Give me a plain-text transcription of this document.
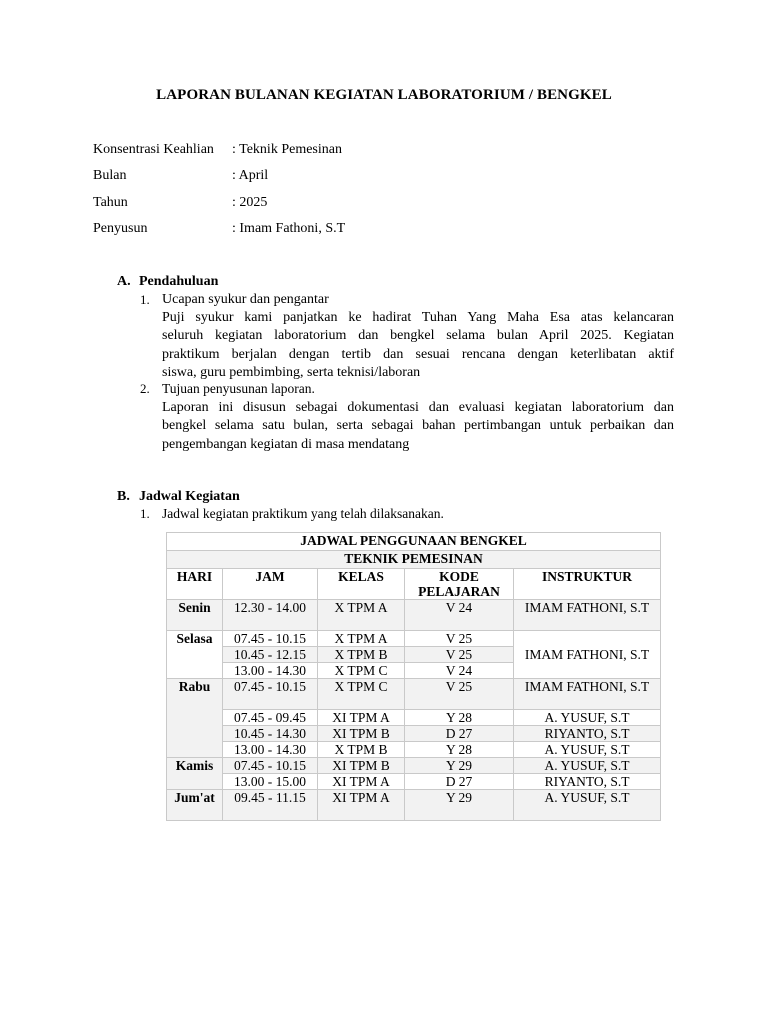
LAPORAN BULANAN KEGIATAN LABORATORIUM / BENGKEL
Konsentrasi Keahlian	: Teknik Pemesinan
Bulan	: April
Tahun	: 2025
Penyusun	: Imam Fathoni, S.T
A. Pendahuluan
1. Ucapan syukur dan pengantar
Puji syukur kami panjatkan ke hadirat Tuhan Yang Maha Esa atas kelancaran
seluruh kegiatan laboratorium dan bengkel selama bulan April 2025. Kegiatan
praktikum berjalan dengan tertib dan sesuai rencana dengan keterlibatan aktif
siswa, guru pembimbing, serta teknisi/laboran
2. Tujuan penyusunan laporan.
Laporan ini disusun sebagai dokumentasi dan evaluasi kegiatan laboratorium dan
bengkel selama satu bulan, serta sebagai bahan pertimbangan untuk perbaikan dan
pengembangan kegiatan di masa mendatang
B. Jadwal Kegiatan
1. Jadwal kegiatan praktikum yang telah dilaksanakan.
JADWAL PENGGUNAAN BENGKEL				
TEKNIK PEMESINAN				
HARI	JAM	KELAS	KODE PELAJARAN	INSTRUKTUR
Senin	12.30 - 14.00	X TPM A	V 24	IMAM FATHONI, S.T
Selasa	07.45 - 10.15	X TPM A	V 25	IMAM FATHONI, S.T
	10.45 - 12.15	X TPM B	V 25	
	13.00 - 14.30	X TPM C	V 24	
Rabu	07.45 - 10.15	X TPM C	V 25	IMAM FATHONI, S.T
	07.45 - 09.45	XI TPM A	Y 28	A. YUSUF, S.T
	10.45 - 14.30	XI TPM B	D 27	RIYANTO, S.T
	13.00 - 14.30	X TPM B	Y 28	A. YUSUF, S.T
Kamis	07.45 - 10.15	XI TPM B	Y 29	A. YUSUF, S.T
	13.00 - 15.00	XI TPM A	D 27	RIYANTO, S.T
Jum'at	09.45 - 11.15	XI TPM A	Y 29	A. YUSUF, S.T
